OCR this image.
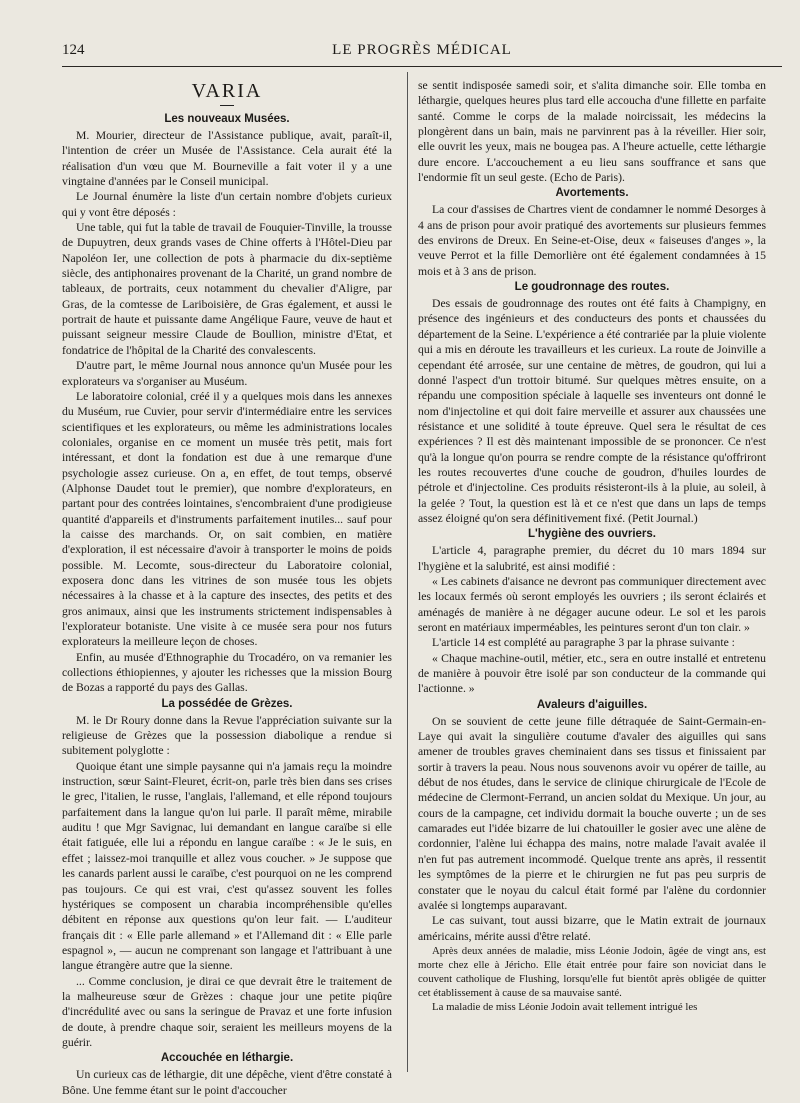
124	LE PROGRÈS MÉDICAL
VARIA
Les nouveaux Musées.

M. Mourier, directeur de l'Assistance publique, avait, paraît-il, l'intention de créer un Musée de l'Assistance. Cela aurait été la réalisation d'un vœu que M. Bourneville a fait voter il y a une vingtaine d'années par le Conseil municipal.

Le Journal énumère la liste d'un certain nombre d'objets curieux qui y vont être déposés :

Une table, qui fut la table de travail de Fouquier-Tinville, la trousse de Dupuytren, deux grands vases de Chine offerts à l'Hôtel-Dieu par Napoléon Ier, une collection de pots à pharmacie du dix-septième siècle, des antiphonaires provenant de la Charité, un grand nombre de tableaux, de portraits, ceux notamment du chevalier d'Aligre, par Gras, de la comtesse de Lariboisière, de Gras également, et aussi le portrait de haute et puissante dame Angélique Faure, veuve de haut et puissant seigneur messire Claude de Boullion, ministre d'Etat, et fondatrice de l'hôpital de la Charité des convalescents.

D'autre part, le même Journal nous annonce qu'un Musée pour les explorateurs va s'organiser au Muséum.

Le laboratoire colonial, créé il y a quelques mois dans les annexes du Muséum, rue Cuvier, pour servir d'intermédiaire entre les services scientifiques et les explorateurs, ou même les administrations locales coloniales, organise en ce moment un musée très petit, mais fort intéressant, et dont la fondation est due à une remarque d'une psychologie assez curieuse. On a, en effet, de tout temps, observé (Alphonse Daudet tout le premier), que nombre d'explorateurs, en partant pour des contrées lointaines, s'encombraient d'une prodigieuse quantité d'appareils et d'instruments parfaitement inutiles... sauf pour la caisse des marchands. Or, on sait combien, en matière d'exploration, il est nécessaire d'avoir à transporter le moins de poids possible. M. Lecomte, sous-directeur du Laboratoire colonial, exposera donc dans les vitrines de son musée tous les objets nécessaires à la chasse et à la capture des insectes, des petits et des gros animaux, ainsi que les instruments strictement indispensables à l'explorateur botaniste. Une visite à ce musée sera pour nos futurs explorateurs la meilleure leçon de choses.

Enfin, au musée d'Ethnographie du Trocadéro, on va remanier les collections éthiopiennes, y ajouter les richesses que la mission Bourg de Bozas a rapporté du pays des Gallas.

La possédée de Grèzes.

M. le Dr Roury donne dans la Revue l'appréciation suivante sur la religieuse de Grèzes que la possession diabolique a rendue si subitement polyglotte :

Quoique étant une simple paysanne qui n'a jamais reçu la moindre instruction, sœur Saint-Fleuret, écrit-on, parle très bien dans ses crises le grec, l'italien, le russe, l'anglais, l'allemand, et elle répond toujours parfaitement dans la langue qu'on lui parle. Il paraît même, mirabile auditu ! que Mgr Savignac, lui demandant en langue caraïbe si elle était fatiguée, elle lui a répondu en langue caraïbe : « Je le suis, en effet ; laissez-moi tranquille et allez vous coucher. » Je suppose que les canards parlent aussi le caraïbe, c'est pourquoi on ne les comprend pas toujours. Ce qui est vrai, c'est qu'assez souvent les folles hystériques se composent un charabia incompréhensible qu'elles débitent en réponse aux questions qu'on leur fait. — L'auditeur français dit : « Elle parle allemand » et l'Allemand dit : « Elle parle espagnol », — aucun ne comprenant son langage et l'attribuant à une langue étrangère autre que la sienne.

... Comme conclusion, je dirai ce que devrait être le traitement de la malheureuse sœur de Grèzes : chaque jour une petite piqûre d'incrédulité avec ou sans la seringue de Pravaz et une forte infusion de doute, à prendre chaque soir, seraient les meilleurs moyens de la guérir.

Accouchée en léthargie.

Un curieux cas de léthargie, dit une dépêche, vient d'être constaté à Bône. Une femme étant sur le point d'accoucher

se sentit indisposée samedi soir, et s'alita dimanche soir. Elle tomba en léthargie, quelques heures plus tard elle accoucha d'une fillette en parfaite santé. Comme le corps de la malade noircissait, les médecins la plongèrent dans un bain, mais ne parvinrent pas à la réveiller. Hier soir, elle ouvrit les yeux, mais ne bougea pas. A l'heure actuelle, cette léthargie dure encore. L'accouchement a eu lieu sans souffrance et sans que l'endormie fît un seul geste. (Echo de Paris).

Avortements.

La cour d'assises de Chartres vient de condamner le nommé Desorges à 4 ans de prison pour avoir pratiqué des avortements sur plusieurs femmes des environs de Dreux. En Seine-et-Oise, deux « faiseuses d'anges », la veuve Perrot et la fille Demorlière ont été également condamnées à 15 mois et à 3 ans de prison.

Le goudronnage des routes.

Des essais de goudronnage des routes ont été faits à Champigny, en présence des ingénieurs et des conducteurs des ponts et chaussées du département de la Seine. L'expérience a été contrariée par la pluie violente qui a mis en déroute les travailleurs et les curieux. La route de Joinville a cependant été arrosée, sur une centaine de mètres, de goudron, qui lui a donné l'aspect d'un trottoir bitumé. Sur quelques mètres ensuite, on a répandu une composition spéciale à laquelle ses inventeurs ont donné le nom d'injectoline et qui doit faire merveille et assurer aux chaussées une résistance et une solidité à toute épreuve. Quel sera le résultat de ces expériences ? Il est dès maintenant impossible de se prononcer. Ce n'est qu'à la longue qu'on pourra se rendre compte de la résistance qu'offriront les routes recouvertes d'une couche de goudron, d'huiles lourdes de pétrole et d'injectoline. Ces produits résisteront-ils à la pluie, au soleil, à la gelée ? Tout, la question est là et ce n'est que dans un laps de temps assez éloigné qu'on sera définitivement fixé. (Petit Journal.)

L'hygiène des ouvriers.

L'article 4, paragraphe premier, du décret du 10 mars 1894 sur l'hygiène et la salubrité, est ainsi modifié :

« Les cabinets d'aisance ne devront pas communiquer directement avec les locaux fermés où seront employés les ouvriers ; ils seront éclairés et aménagés de manière à ne dégager aucune odeur. Le sol et les parois seront en matériaux imperméables, les peintures seront d'un ton clair. »

L'article 14 est complété au paragraphe 3 par la phrase suivante :

« Chaque machine-outil, métier, etc., sera en outre installé et entretenu de manière à pouvoir être isolé par son conducteur de la commande qui l'actionne. »

Avaleurs d'aiguilles.

On se souvient de cette jeune fille détraquée de Saint-Germain-en-Laye qui avait la singulière coutume d'avaler des aiguilles qui sans amener de troubles graves cheminaient dans ses tissus et finissaient par sortir à travers la peau. Nous nous souvenons avoir vu opérer de taille, au début de nos études, dans le service de clinique chirurgicale de l'Ecole de médecine de Clermont-Ferrand, un ancien soldat du Mexique. Un jour, au cours de la campagne, cet individu dormait la bouche ouverte ; un de ses camarades eut l'idée bizarre de lui chatouiller le gosier avec une alène de cordonnier, l'alène lui échappa des mains, notre malade l'avait avalée il n'en fut pas autrement incommodé. Quelque trente ans après, il ressentit les symptômes de la pierre et le chirurgien ne fut pas peu surpris de constater que le noyau du calcul était formé par l'alène du cordonnier avalée si longtemps auparavant.

Le cas suivant, tout aussi bizarre, que le Matin extrait de journaux américains, mérite aussi d'être relaté.

Après deux années de maladie, miss Léonie Jodoin, âgée de vingt ans, est morte chez elle à Jéricho. Elle était entrée pour faire son noviciat dans le couvent catholique de Flushing, lorsqu'elle fut bientôt après obligée de quitter cet établissement à cause de sa mauvaise santé.

La maladie de miss Léonie Jodoin avait tellement intrigué les
